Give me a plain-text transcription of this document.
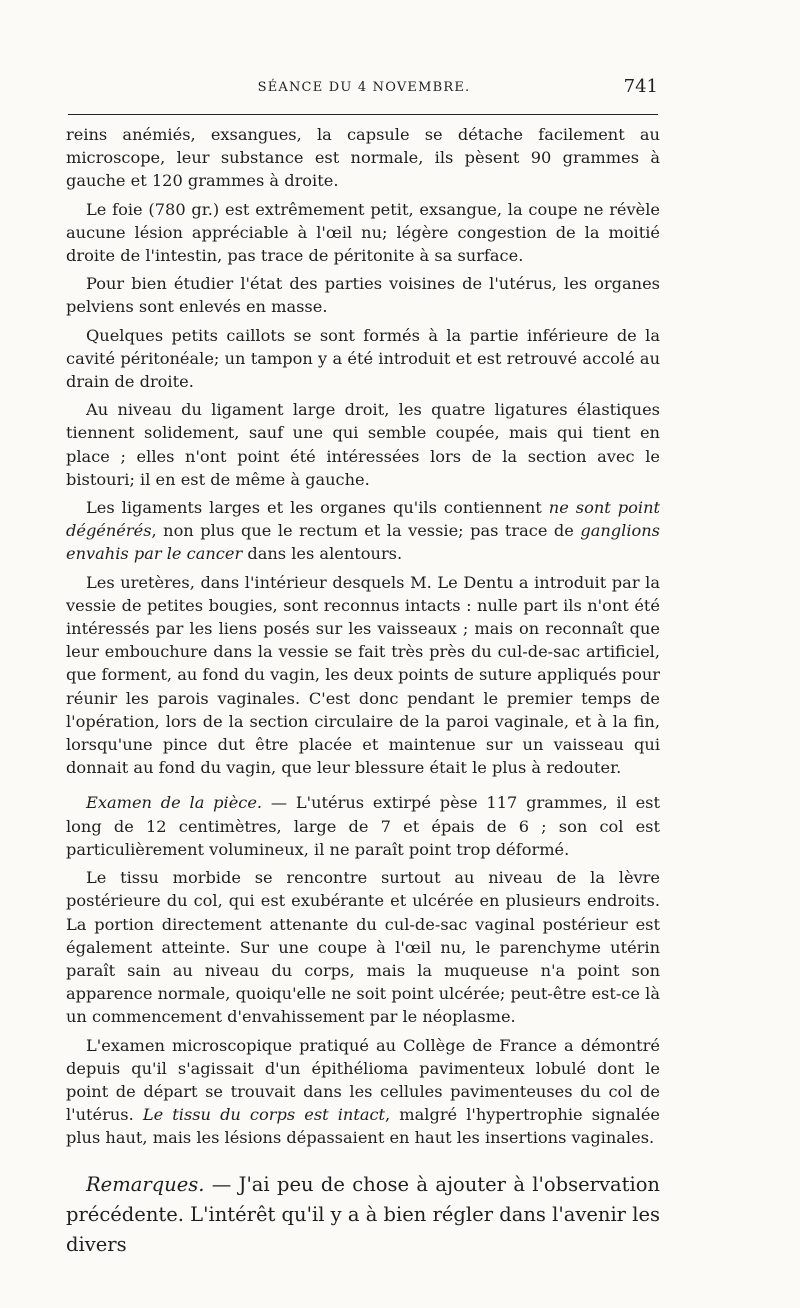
SÉANCE DU 4 NOVEMBRE.	741

reins anémiés, exsangues, la capsule se détache facilement au microscope, leur substance est normale, ils pèsent 90 grammes à gauche et 120 grammes à droite.

Le foie (780 gr.) est extrêmement petit, exsangue, la coupe ne révèle aucune lésion appréciable à l'œil nu; légère congestion de la moitié droite de l'intestin, pas trace de péritonite à sa surface.

Pour bien étudier l'état des parties voisines de l'utérus, les organes pelviens sont enlevés en masse.

Quelques petits caillots se sont formés à la partie inférieure de la cavité péritonéale; un tampon y a été introduit et est retrouvé accolé au drain de droite.

Au niveau du ligament large droit, les quatre ligatures élastiques tiennent solidement, sauf une qui semble coupée, mais qui tient en place ; elles n'ont point été intéressées lors de la section avec le bistouri; il en est de même à gauche.

Les ligaments larges et les organes qu'ils contiennent ne sont point dégénérés, non plus que le rectum et la vessie; pas trace de ganglions envahis par le cancer dans les alentours.

Les uretères, dans l'intérieur desquels M. Le Dentu a introduit par la vessie de petites bougies, sont reconnus intacts : nulle part ils n'ont été intéressés par les liens posés sur les vaisseaux ; mais on reconnaît que leur embouchure dans la vessie se fait très près du cul-de-sac artificiel, que forment, au fond du vagin, les deux points de suture appliqués pour réunir les parois vaginales. C'est donc pendant le premier temps de l'opération, lors de la section circulaire de la paroi vaginale, et à la fin, lorsqu'une pince dut être placée et maintenue sur un vaisseau qui donnait au fond du vagin, que leur blessure était le plus à redouter.

Examen de la pièce. — L'utérus extirpé pèse 117 grammes, il est long de 12 centimètres, large de 7 et épais de 6 ; son col est particulièrement volumineux, il ne paraît point trop déformé.

Le tissu morbide se rencontre surtout au niveau de la lèvre postérieure du col, qui est exubérante et ulcérée en plusieurs endroits. La portion directement attenante du cul-de-sac vaginal postérieur est également atteinte. Sur une coupe à l'œil nu, le parenchyme utérin paraît sain au niveau du corps, mais la muqueuse n'a point son apparence normale, quoiqu'elle ne soit point ulcérée; peut-être est-ce là un commencement d'envahissement par le néoplasme.

L'examen microscopique pratiqué au Collège de France a démontré depuis qu'il s'agissait d'un épithélioma pavimenteux lobulé dont le point de départ se trouvait dans les cellules pavimenteuses du col de l'utérus. Le tissu du corps est intact, malgré l'hypertrophie signalée plus haut, mais les lésions dépassaient en haut les insertions vaginales.

Remarques. — J'ai peu de chose à ajouter à l'observation précédente. L'intérêt qu'il y a à bien régler dans l'avenir les divers
